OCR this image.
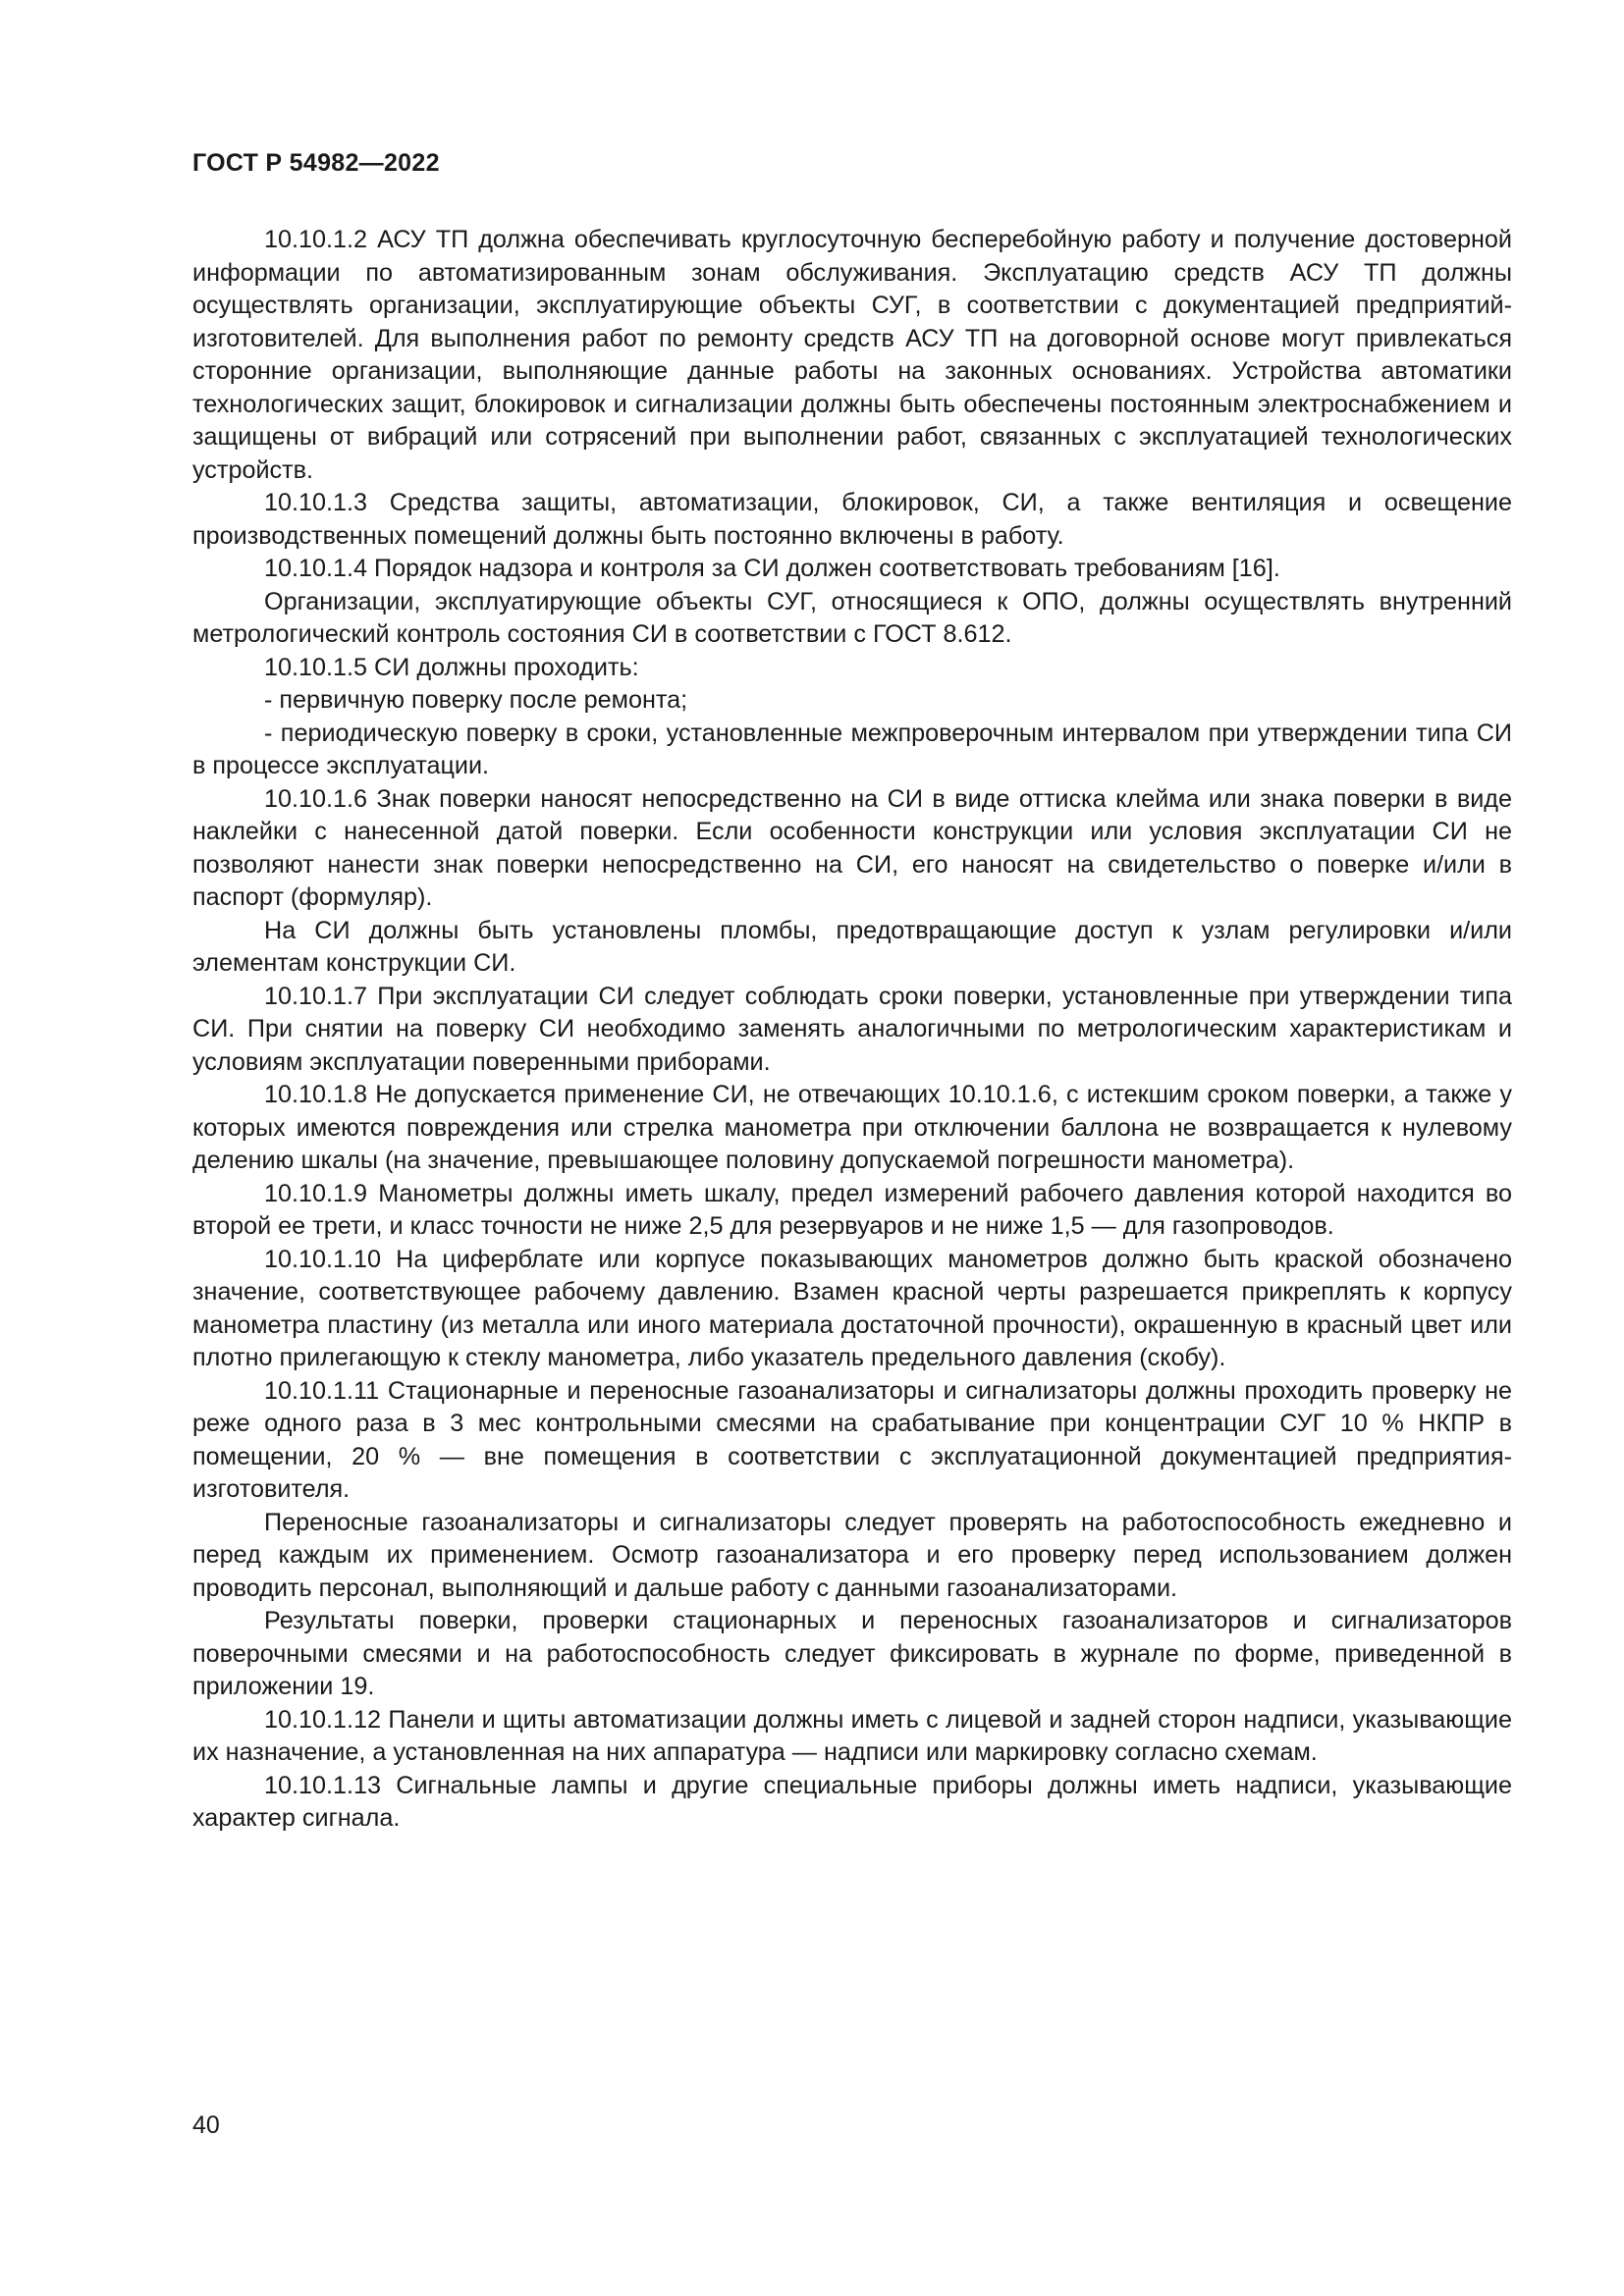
ГОСТ Р 54982—2022

10.10.1.2 АСУ ТП должна обеспечивать круглосуточную бесперебойную работу и получение достоверной информации по автоматизированным зонам обслуживания. Эксплуатацию средств АСУ ТП должны осуществлять организации, эксплуатирующие объекты СУГ, в соответствии с документацией предприятий-изготовителей. Для выполнения работ по ремонту средств АСУ ТП на договорной основе могут привлекаться сторонние организации, выполняющие данные работы на законных основаниях. Устройства автоматики технологических защит, блокировок и сигнализации должны быть обеспечены постоянным электроснабжением и защищены от вибраций или сотрясений при выполнении работ, связанных с эксплуатацией технологических устройств.

10.10.1.3 Средства защиты, автоматизации, блокировок, СИ, а также вентиляция и освещение производственных помещений должны быть постоянно включены в работу.

10.10.1.4 Порядок надзора и контроля за СИ должен соответствовать требованиям [16].

Организации, эксплуатирующие объекты СУГ, относящиеся к ОПО, должны осуществлять внутренний метрологический контроль состояния СИ в соответствии с ГОСТ 8.612.

10.10.1.5 СИ должны проходить:

- первичную поверку после ремонта;

- периодическую поверку в сроки, установленные межпроверочным интервалом при утверждении типа СИ в процессе эксплуатации.

10.10.1.6 Знак поверки наносят непосредственно на СИ в виде оттиска клейма или знака поверки в виде наклейки с нанесенной датой поверки. Если особенности конструкции или условия эксплуатации СИ не позволяют нанести знак поверки непосредственно на СИ, его наносят на свидетельство о поверке и/или в паспорт (формуляр).

На СИ должны быть установлены пломбы, предотвращающие доступ к узлам регулировки и/или элементам конструкции СИ.

10.10.1.7 При эксплуатации СИ следует соблюдать сроки поверки, установленные при утверждении типа СИ. При снятии на поверку СИ необходимо заменять аналогичными по метрологическим характеристикам и условиям эксплуатации поверенными приборами.

10.10.1.8 Не допускается применение СИ, не отвечающих 10.10.1.6, с истекшим сроком поверки, а также у которых имеются повреждения или стрелка манометра при отключении баллона не возвращается к нулевому делению шкалы (на значение, превышающее половину допускаемой погрешности манометра).

10.10.1.9 Манометры должны иметь шкалу, предел измерений рабочего давления которой находится во второй ее трети, и класс точности не ниже 2,5 для резервуаров и не ниже 1,5 — для газопроводов.

10.10.1.10 На циферблате или корпусе показывающих манометров должно быть краской обозначено значение, соответствующее рабочему давлению. Взамен красной черты разрешается прикреплять к корпусу манометра пластину (из металла или иного материала достаточной прочности), окрашенную в красный цвет или плотно прилегающую к стеклу манометра, либо указатель предельного давления (скобу).

10.10.1.11 Стационарные и переносные газоанализаторы и сигнализаторы должны проходить проверку не реже одного раза в 3 мес контрольными смесями на срабатывание при концентрации СУГ 10 % НКПР в помещении, 20 % — вне помещения в соответствии с эксплуатационной документацией предприятия-изготовителя.

Переносные газоанализаторы и сигнализаторы следует проверять на работоспособность ежедневно и перед каждым их применением. Осмотр газоанализатора и его проверку перед использованием должен проводить персонал, выполняющий и дальше работу с данными газоанализаторами.

Результаты поверки, проверки стационарных и переносных газоанализаторов и сигнализаторов поверочными смесями и на работоспособность следует фиксировать в журнале по форме, приведенной в приложении 19.

10.10.1.12 Панели и щиты автоматизации должны иметь с лицевой и задней сторон надписи, указывающие их назначение, а установленная на них аппаратура — надписи или маркировку согласно схемам.

10.10.1.13 Сигнальные лампы и другие специальные приборы должны иметь надписи, указывающие характер сигнала.

40
